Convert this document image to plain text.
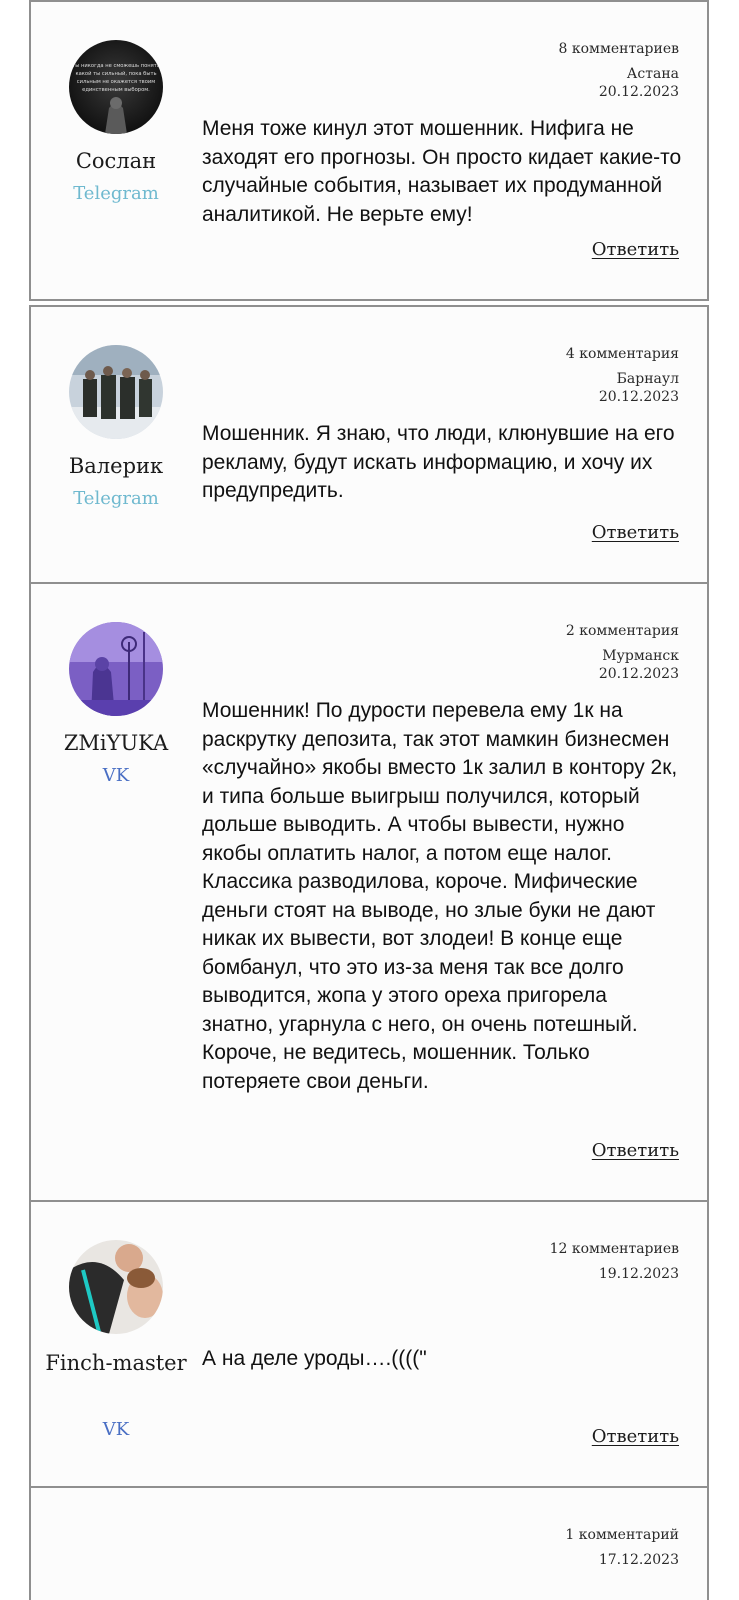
Ты никогда не сможешь понять
какой ты сильный, пока быть
сильным не окажется твоим
единственным выбором.
Сослан
Telegram
8 комментариев
Астана
20.12.2023

Меня тоже кинул этот мошенник. Нифига не заходят его прогнозы. Он просто кидает какие-то случайные события, называет их продуманной аналитикой. Не верьте ему!

Ответить
Валерик
Telegram
4 комментария
Барнаул
20.12.2023

Мошенник. Я знаю, что люди, клюнувшие на его рекламу, будут искать информацию, и хочу их предупредить.

Ответить
ZMiYUKA
VK
2 комментария
Мурманск
20.12.2023

Мошенник! По дурости перевела ему 1к на раскрутку депозита, так этот мамкин бизнесмен «случайно» якобы вместо 1к залил в контору 2к, и типа больше выигрыш получился, который дольше выводить. А чтобы вывести, нужно якобы оплатить налог, а потом еще налог. Классика разводилова, короче. Мифические деньги стоят на выводе, но злые буки не дают никак их вывести, вот злодеи! В конце еще бомбанул, что это из-за меня так все долго выводится, жопа у этого ореха пригорела знатно, угарнула с него, он очень потешный. Короче, не ведитесь, мошенник. Только потеряете свои деньги.

Ответить
Finch-master
VK
12 комментариев
19.12.2023

А на деле уроды….(((("

Ответить
1 комментарий
17.12.2023
